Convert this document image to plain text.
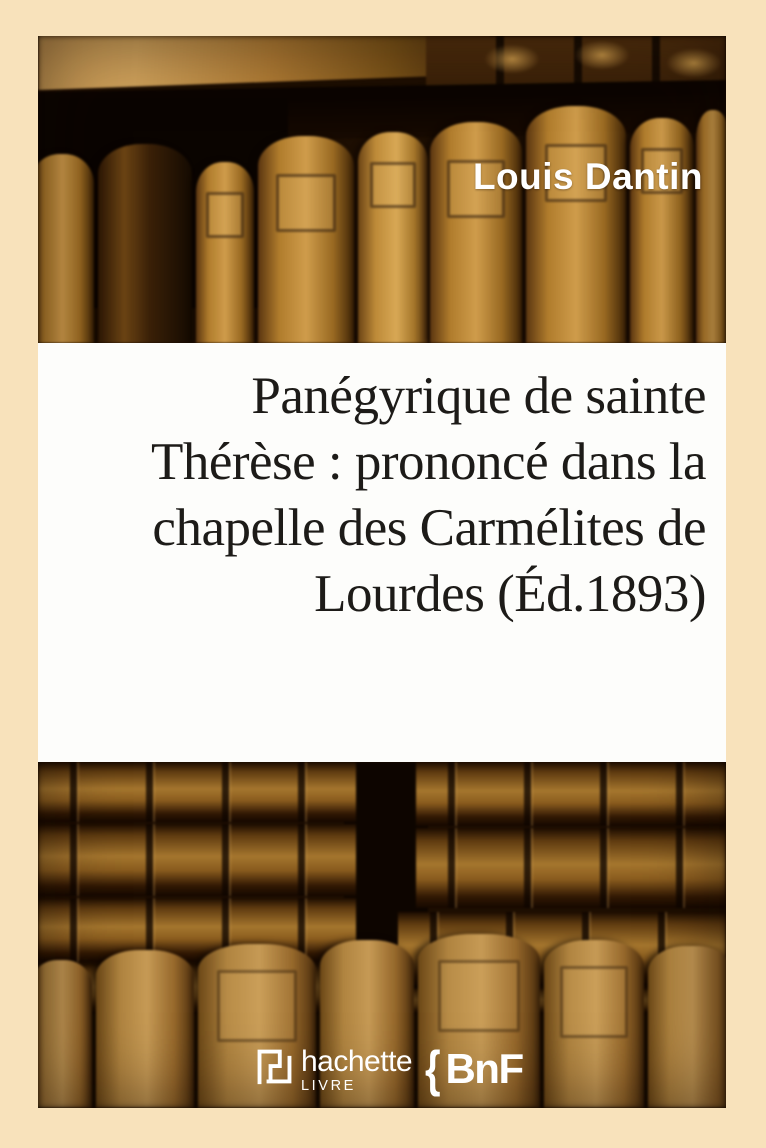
Louis Dantin
Panégyrique de sainte
Thérèse : prononcé dans la
chapelle des Carmélites de
Lourdes (Éd.1893)
hachette
LIVRE	{ BnF
